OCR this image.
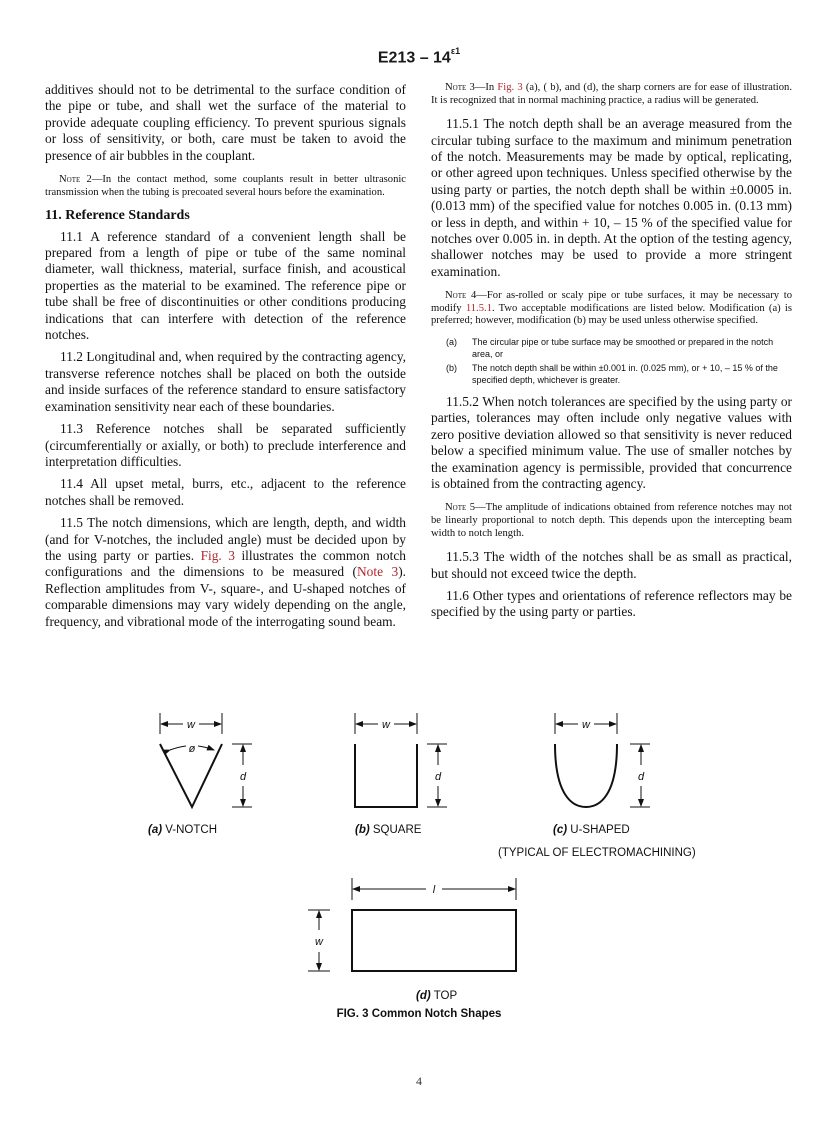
$E213 - 14^{\varepsilon 1}$

additives should not to be detrimental to the surface condition of the pipe or tube, and shall wet the surface of the material to provide adequate coupling efficiency. To prevent spurious signals or loss of sensitivity, or both, care must be taken to avoid the presence of air bubbles in the couplant.

Note 2—In the contact method, some couplants result in better ultrasonic transmission when the tubing is precoated several hours before the examination.

11. Reference Standards

11.1 A reference standard of a convenient length shall be prepared from a length of pipe or tube of the same nominal diameter, wall thickness, material, surface finish, and acoustical properties as the material to be examined. The reference pipe or tube shall be free of discontinuities or other conditions producing indications that can interfere with detection of the reference notches.

11.2 Longitudinal and, when required by the contracting agency, transverse reference notches shall be placed on both the outside and inside surfaces of the reference standard to ensure satisfactory examination sensitivity near each of these boundaries.

11.3 Reference notches shall be separated sufficiently (circumferentially or axially, or both) to preclude interference and interpretation difficulties.

11.4 All upset metal, burrs, etc., adjacent to the reference notches shall be removed.

11.5 The notch dimensions, which are length, depth, and width (and for V-notches, the included angle) must be decided upon by the using party or parties. Fig. 3 illustrates the common notch configurations and the dimensions to be measured (Note 3). Reflection amplitudes from V-, square-, and U-shaped notches of comparable dimensions may vary widely depending on the angle, frequency, and vibrational mode of the interrogating sound beam.

Note 3—In Fig. 3 (a), ( b), and (d), the sharp corners are for ease of illustration. It is recognized that in normal machining practice, a radius will be generated.

11.5.1 The notch depth shall be an average measured from the circular tubing surface to the maximum and minimum penetration of the notch. Measurements may be made by optical, replicating, or other agreed upon techniques. Unless specified otherwise by the using party or parties, the notch depth shall be within ±0.0005 in. (0.013 mm) of the specified value for notches 0.005 in. (0.13 mm) or less in depth, and within + 10, – 15 % of the specified value for notches over 0.005 in. in depth. At the option of the testing agency, shallower notches may be used to provide a more stringent examination.

Note 4—For as-rolled or scaly pipe or tube surfaces, it may be necessary to modify 11.5.1. Two acceptable modifications are listed below. Modification (a) is preferred; however, modification (b) may be used unless otherwise specified.

(a)	The circular pipe or tube surface may be smoothed or prepared in the notch area, or
(b)	The notch depth shall be within ±0.001 in. (0.025 mm), or + 10, – 15 % of the specified depth, whichever is greater.

11.5.2 When notch tolerances are specified by the using party or parties, tolerances may often include only negative values with zero positive deviation allowed so that sensitivity is never reduced below a specified minimum value. The use of smaller notches by the examination agency is permissible, provided that concurrence is obtained from the contracting agency.

Note 5—The amplitude of indications obtained from reference notches may not be linearly proportional to notch depth. This depends upon the intercepting beam width to notch length.

11.5.3 The width of the notches shall be as small as practical, but should not exceed twice the depth.

11.6 Other types and orientations of reference reflectors may be specified by the using party or parties.

w
ø
d
w
d
w
d
l
w
(a) V-NOTCH	(b) SQUARE	(c) U-SHAPED
(TYPICAL OF ELECTROMACHINING)
(d) TOP
FIG. 3 Common Notch Shapes
4
